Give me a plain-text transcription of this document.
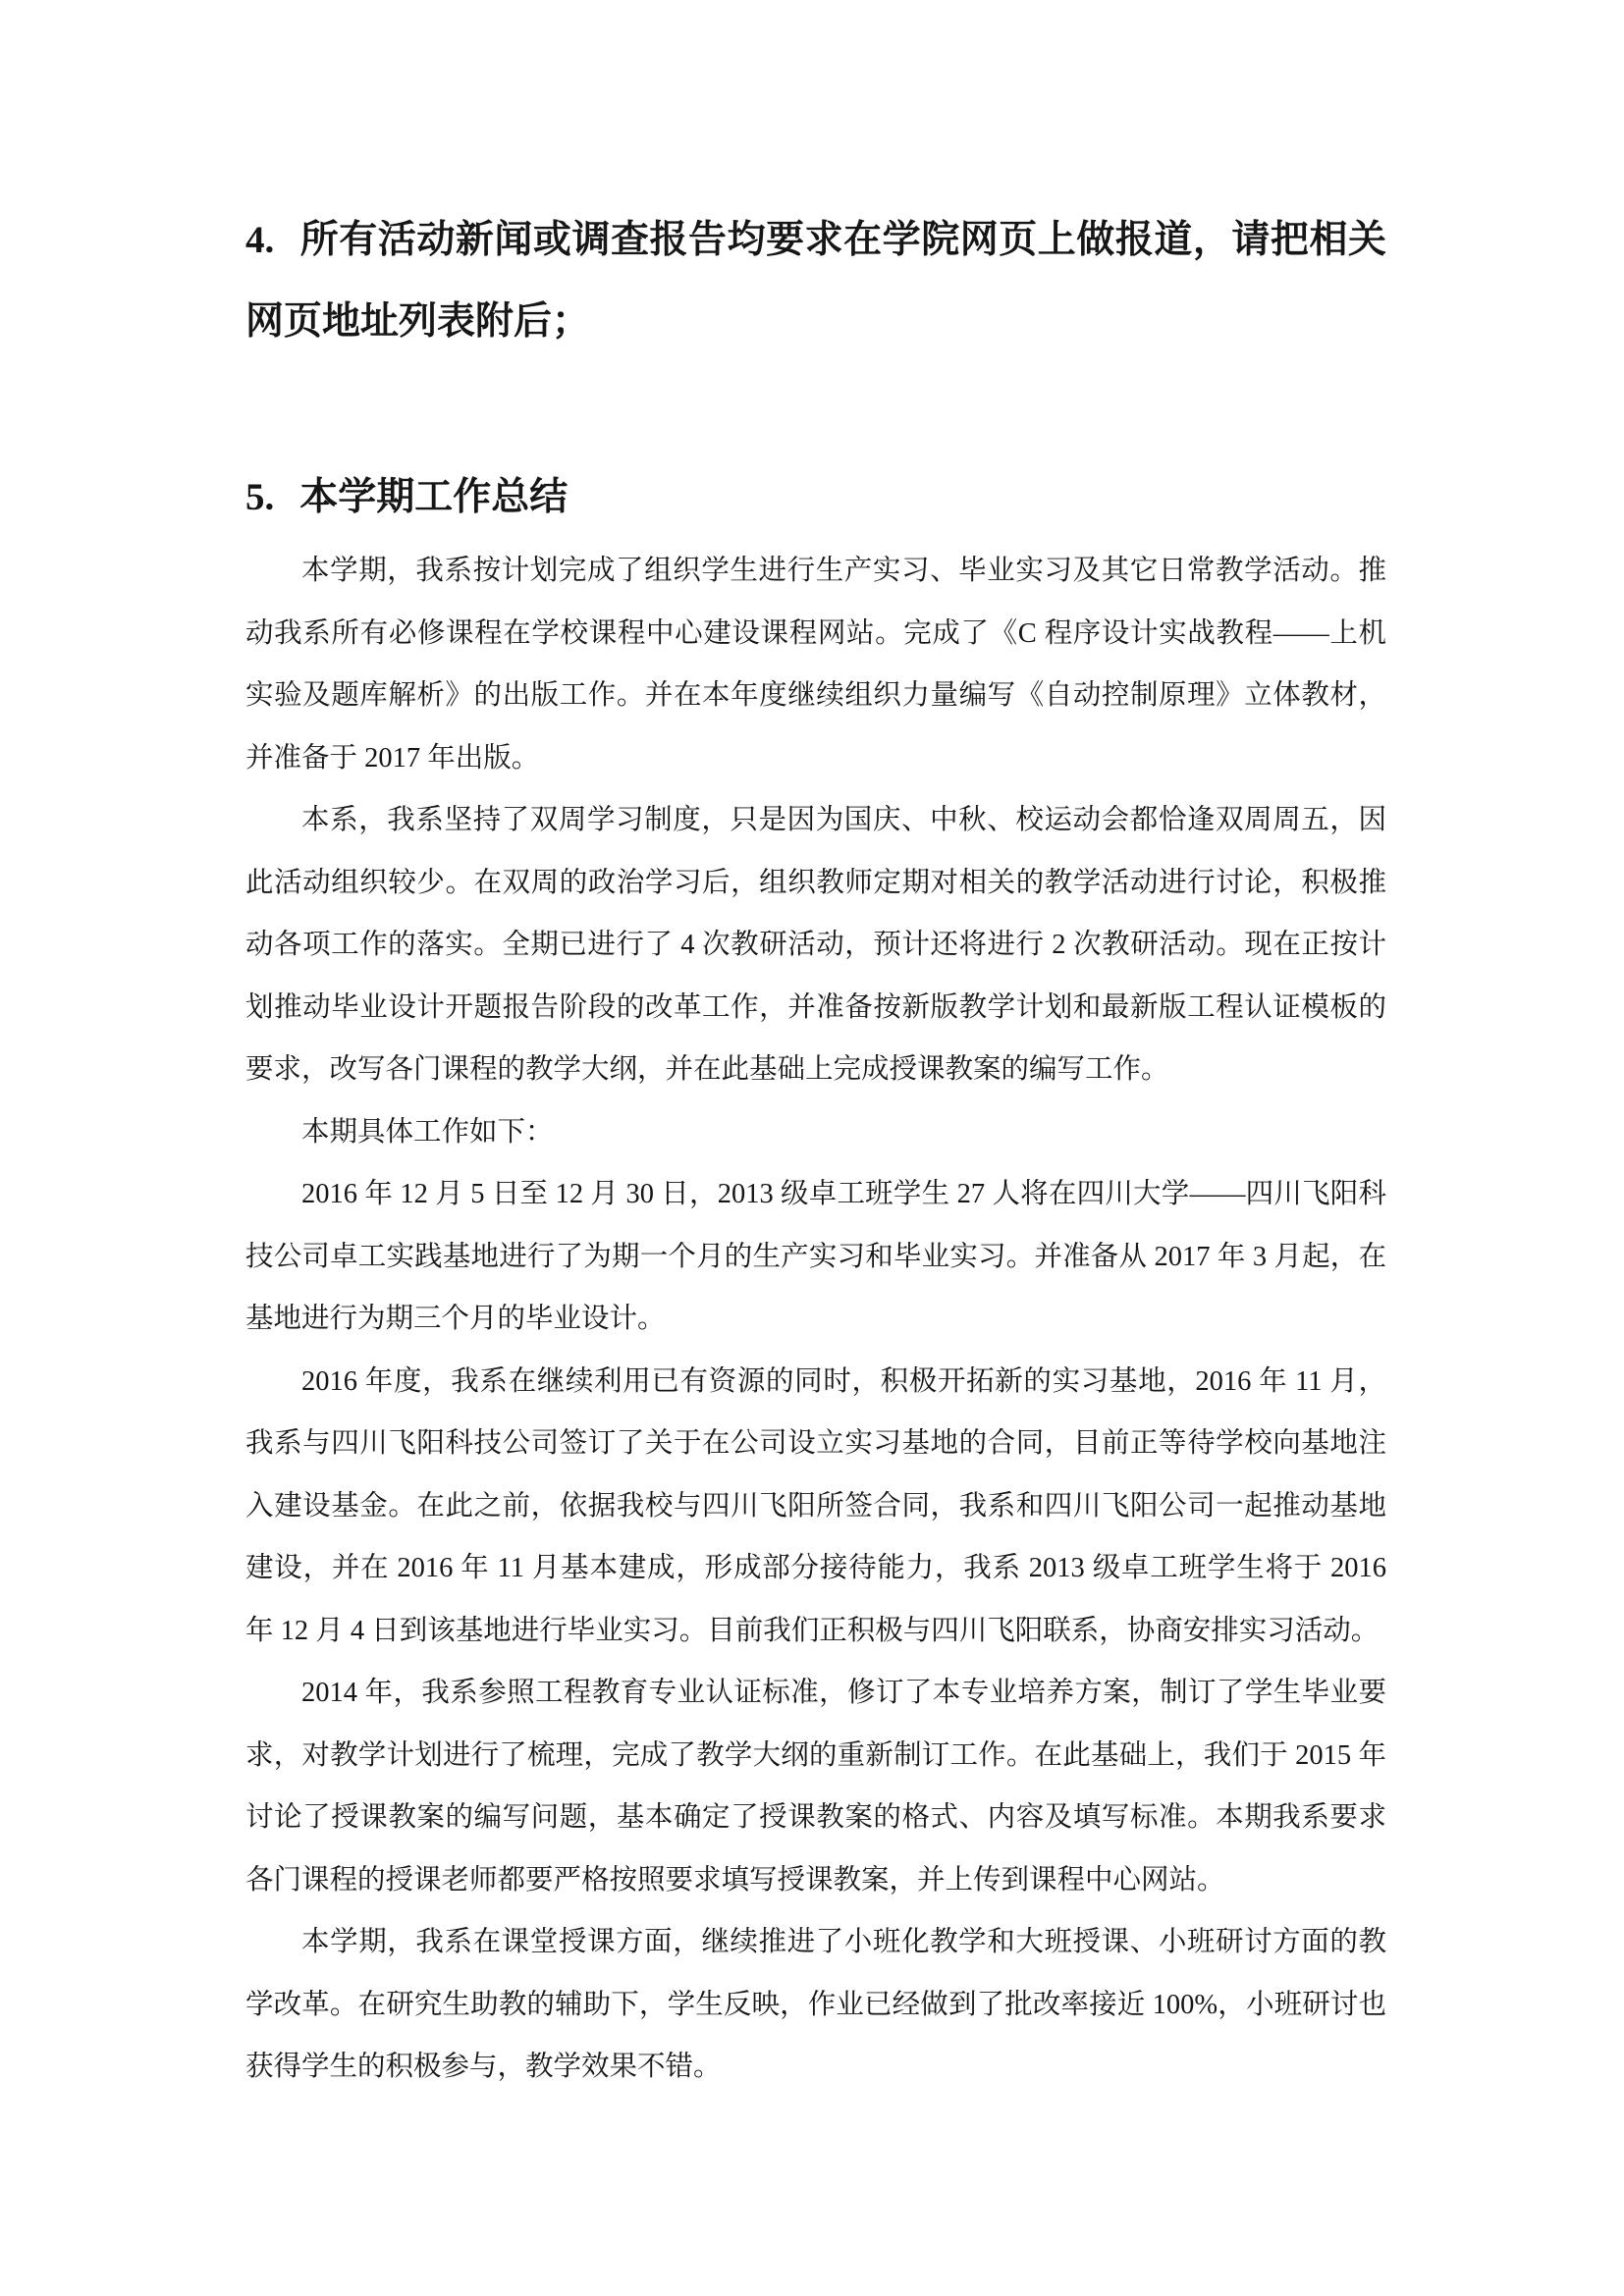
4. 所有活动新闻或调查报告均要求在学院网页上做报道，请把相关网页地址列表附后；
5. 本学期工作总结

本学期，我系按计划完成了组织学生进行生产实习、毕业实习及其它日常教学活动。推动我系所有必修课程在学校课程中心建设课程网站。完成了《C 程序设计实战教程——上机实验及题库解析》的出版工作。并在本年度继续组织力量编写《自动控制原理》立体教材，并准备于 2017 年出版。

本系，我系坚持了双周学习制度，只是因为国庆、中秋、校运动会都恰逢双周周五，因此活动组织较少。在双周的政治学习后，组织教师定期对相关的教学活动进行讨论，积极推动各项工作的落实。全期已进行了 4 次教研活动，预计还将进行 2 次教研活动。现在正按计划推动毕业设计开题报告阶段的改革工作，并准备按新版教学计划和最新版工程认证模板的要求，改写各门课程的教学大纲，并在此基础上完成授课教案的编写工作。

本期具体工作如下：

2016 年 12 月 5 日至 12 月 30 日，2013 级卓工班学生 27 人将在四川大学——四川飞阳科技公司卓工实践基地进行了为期一个月的生产实习和毕业实习。并准备从 2017 年 3 月起，在基地进行为期三个月的毕业设计。

2016 年度，我系在继续利用已有资源的同时，积极开拓新的实习基地，2016 年 11 月，我系与四川飞阳科技公司签订了关于在公司设立实习基地的合同，目前正等待学校向基地注入建设基金。在此之前，依据我校与四川飞阳所签合同，我系和四川飞阳公司一起推动基地建设，并在 2016 年 11 月基本建成，形成部分接待能力，我系 2013 级卓工班学生将于 2016 年 12 月 4 日到该基地进行毕业实习。目前我们正积极与四川飞阳联系，协商安排实习活动。

2014 年，我系参照工程教育专业认证标准，修订了本专业培养方案，制订了学生毕业要求，对教学计划进行了梳理，完成了教学大纲的重新制订工作。在此基础上，我们于 2015 年讨论了授课教案的编写问题，基本确定了授课教案的格式、内容及填写标准。本期我系要求各门课程的授课老师都要严格按照要求填写授课教案，并上传到课程中心网站。

本学期，我系在课堂授课方面，继续推进了小班化教学和大班授课、小班研讨方面的教学改革。在研究生助教的辅助下，学生反映，作业已经做到了批改率接近 100%，小班研讨也获得学生的积极参与，教学效果不错。
